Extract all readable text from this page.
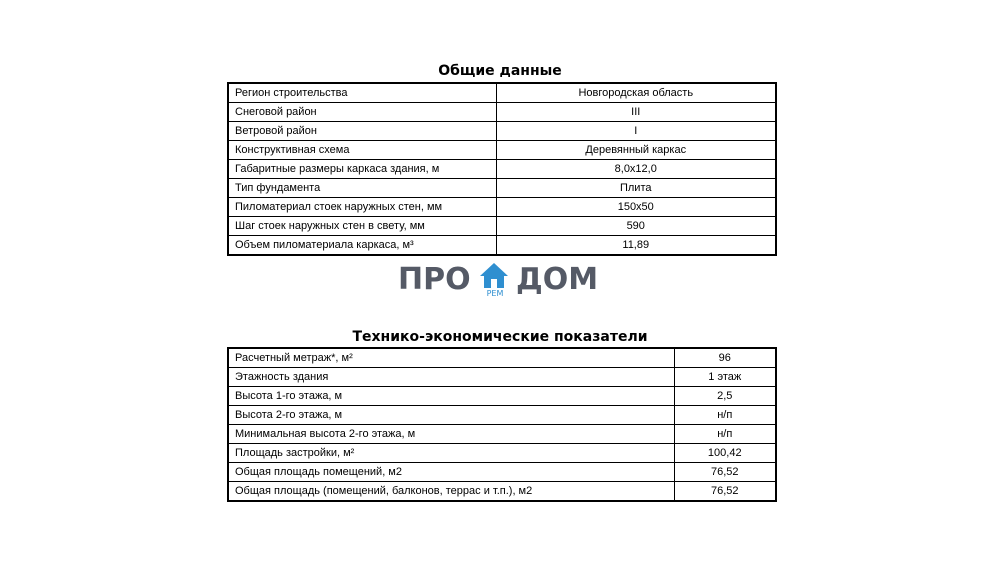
Общие данные
Регион строительства	Новгородская область
Снеговой район	III
Ветровой район	I
Конструктивная схема	Деревянный каркас
Габаритные размеры каркаса здания, м	8,0x12,0
Тип фундамента	Плита
Пиломатериал стоек наружных стен, мм	150x50
Шаг стоек наружных стен в свету, мм	590
Объем пиломатериала каркаса, м³	11,89
ПРО	РЕМ ДОМ
Технико-экономические показатели
Расчетный метраж*, м²	96
Этажность здания	1 этаж
Высота 1-го этажа, м	2,5
Высота 2-го этажа, м	н/п
Минимальная высота 2-го этажа, м	н/п
Площадь застройки, м²	100,42
Общая площадь помещений, м2	76,52
Общая площадь (помещений, балконов, террас и т.п.), м2	76,52
